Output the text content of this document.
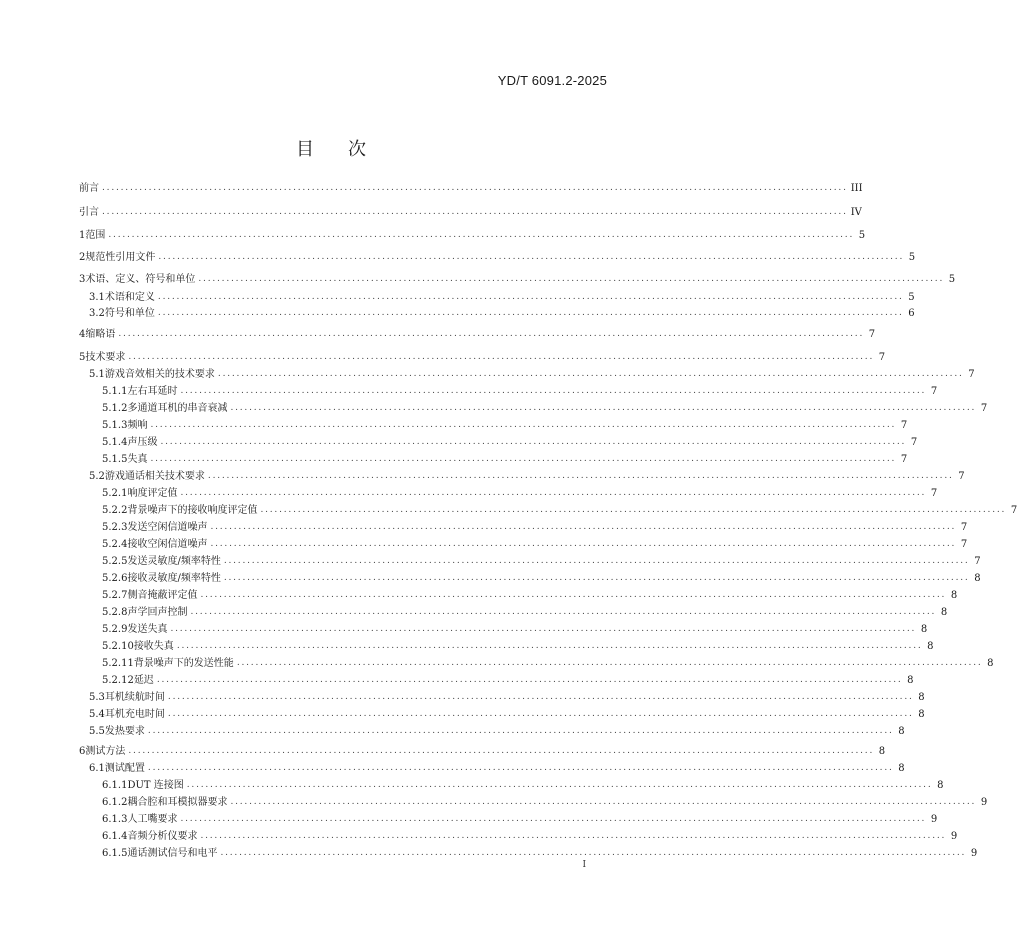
YD/T 6091.2-2025
目 次
前言 ................................................................................................................................................................ III
引言 ................................................................................................................................................................ IV
1 范围 ................................................................................................................................................................ 5
2 规范性引用文件 ................................................................................................................................................................ 5
3 术语、定义、符号和单位 ................................................................................................................................................................ 5
3.1 术语和定义 ................................................................................................................................................................ 5
3.2 符号和单位 ................................................................................................................................................................ 6
4 缩略语 ................................................................................................................................................................ 7
5 技术要求 ................................................................................................................................................................ 7
5.1 游戏音效相关的技术要求 ................................................................................................................................................................ 7
5.1.1 左右耳延时 ................................................................................................................................................................ 7
5.1.2 多通道耳机的串音衰减 ................................................................................................................................................................ 7
5.1.3 频响 ................................................................................................................................................................ 7
5.1.4 声压级 ................................................................................................................................................................ 7
5.1.5 失真 ................................................................................................................................................................ 7
5.2 游戏通话相关技术要求 ................................................................................................................................................................ 7
5.2.1 响度评定值 ................................................................................................................................................................ 7
5.2.2 背景噪声下的接收响度评定值 ................................................................................................................................................................ 7
5.2.3 发送空闲信道噪声 ................................................................................................................................................................ 7
5.2.4 接收空闲信道噪声 ................................................................................................................................................................ 7
5.2.5 发送灵敏度/频率特性 ................................................................................................................................................................ 7
5.2.6 接收灵敏度/频率特性 ................................................................................................................................................................ 8
5.2.7 侧音掩蔽评定值 ................................................................................................................................................................ 8
5.2.8 声学回声控制 ................................................................................................................................................................ 8
5.2.9 发送失真 ................................................................................................................................................................ 8
5.2.10 接收失真 ................................................................................................................................................................ 8
5.2.11 背景噪声下的发送性能 ................................................................................................................................................................ 8
5.2.12 延迟 ................................................................................................................................................................ 8
5.3 耳机续航时间 ................................................................................................................................................................ 8
5.4 耳机充电时间 ................................................................................................................................................................ 8
5.5 发热要求 ................................................................................................................................................................ 8
6 测试方法 ................................................................................................................................................................ 8
6.1 测试配置 ................................................................................................................................................................ 8
6.1.1 DUT 连接图 ................................................................................................................................................................ 8
6.1.2 耦合腔和耳模拟器要求 ................................................................................................................................................................ 9
6.1.3 人工嘴要求 ................................................................................................................................................................ 9
6.1.4 音频分析仪要求 ................................................................................................................................................................ 9
6.1.5 通话测试信号和电平 ................................................................................................................................................................ 9
I
